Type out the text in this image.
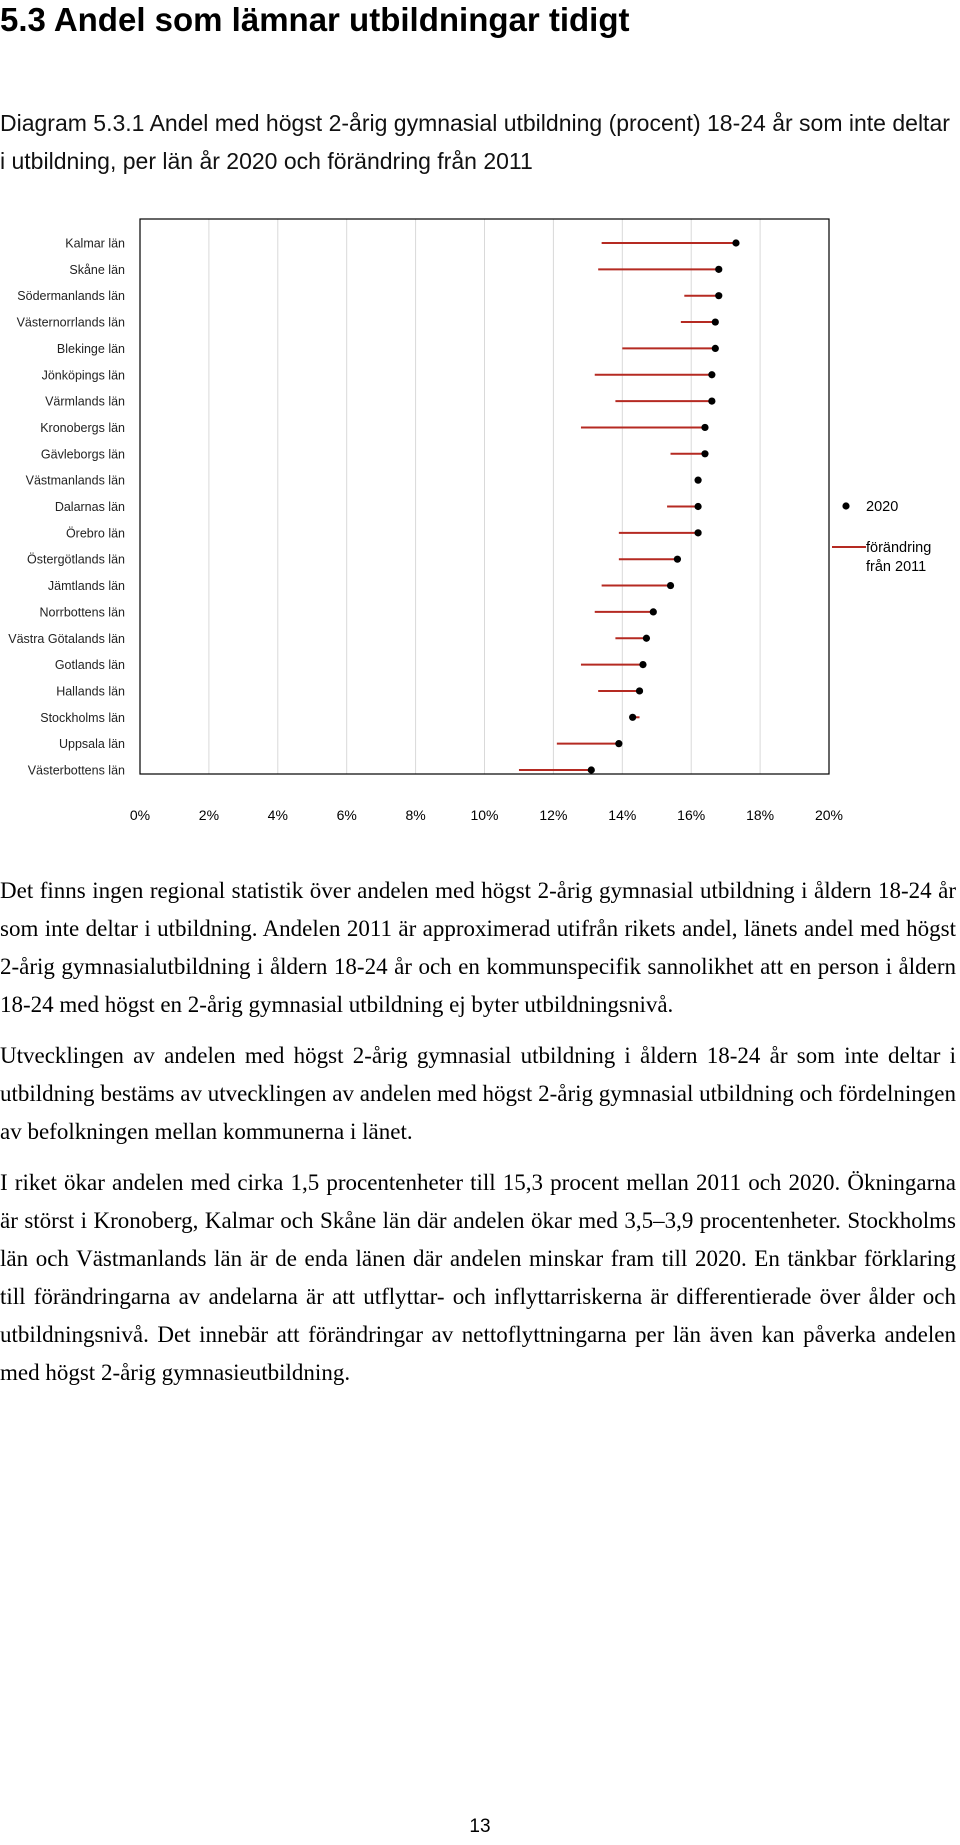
5.3 Andel som lämnar utbildningar tidigt

Diagram 5.3.1 Andel med högst 2-årig gymnasial utbildning (procent) 18-24 år som inte deltar i utbildning, per län år 2020 och förändring från 2011

Kalmar län
Skåne län
Södermanlands län
Västernorrlands län
Blekinge län
Jönköpings län
Värmlands län
Kronobergs län
Gävleborgs län
Västmanlands län
Dalarnas län
Örebro län
Östergötlands län
Jämtlands län
Norrbottens län
Västra Götalands län
Gotlands län
Hallands län
Stockholms län
Uppsala län
Västerbottens län
0%	2%	4%	6%	8%	10%	12%	14%	16%	18%	20%
2020
förändring från 2011

Det finns ingen regional statistik över andelen med högst 2-årig gymnasial utbildning i åldern 18-24 år som inte deltar i utbildning. Andelen 2011 är approximerad utifrån rikets andel, länets andel med högst 2-årig gymnasialutbildning i åldern 18-24 år och en kommunspecifik sannolikhet att en person i åldern 18-24 med högst en 2-årig gymnasial utbildning ej byter utbildningsnivå.

Utvecklingen av andelen med högst 2-årig gymnasial utbildning i åldern 18-24 år som inte deltar i utbildning bestäms av utvecklingen av andelen med högst 2-årig gymnasial utbildning och fördelningen av befolkningen mellan kommunerna i länet.

I riket ökar andelen med cirka 1,5 procentenheter till 15,3 procent mellan 2011 och 2020. Ökningarna är störst i Kronoberg, Kalmar och Skåne län där andelen ökar med 3,5–3,9 procentenheter. Stockholms län och Västmanlands län är de enda länen där andelen minskar fram till 2020. En tänkbar förklaring till förändringarna av andelarna är att utflyttar- och inflyttarriskerna är differentierade över ålder och utbildningsnivå. Det innebär att förändringar av nettoflyttningarna per län även kan påverka andelen med högst 2-årig gymnasieutbildning.

13
